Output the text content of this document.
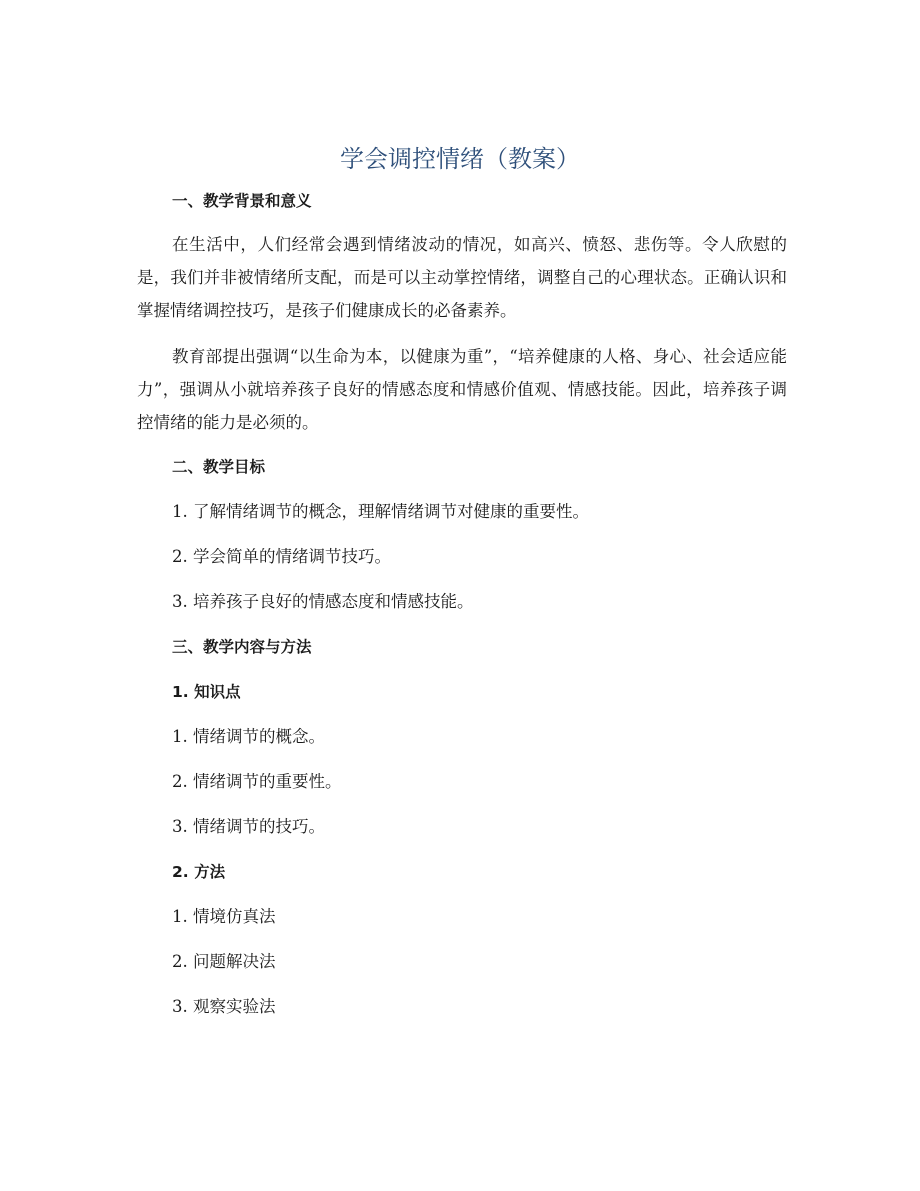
学会调控情绪（教案）
一、教学背景和意义

在生活中，人们经常会遇到情绪波动的情况，如高兴、愤怒、悲伤等。令人欣慰的是，我们并非被情绪所支配，而是可以主动掌控情绪，调整自己的心理状态。正确认识和掌握情绪调控技巧，是孩子们健康成长的必备素养。

教育部提出强调“以生命为本，以健康为重”，“培养健康的人格、身心、社会适应能力”，强调从小就培养孩子良好的情感态度和情感价值观、情感技能。因此，培养孩子调控情绪的能力是必须的。

二、教学目标
1. 了解情绪调节的概念，理解情绪调节对健康的重要性。
2. 学会简单的情绪调节技巧。
3. 培养孩子良好的情感态度和情感技能。
三、教学内容与方法
1. 知识点
1. 情绪调节的概念。
2. 情绪调节的重要性。
3. 情绪调节的技巧。
2. 方法
1. 情境仿真法
2. 问题解决法
3. 观察实验法
